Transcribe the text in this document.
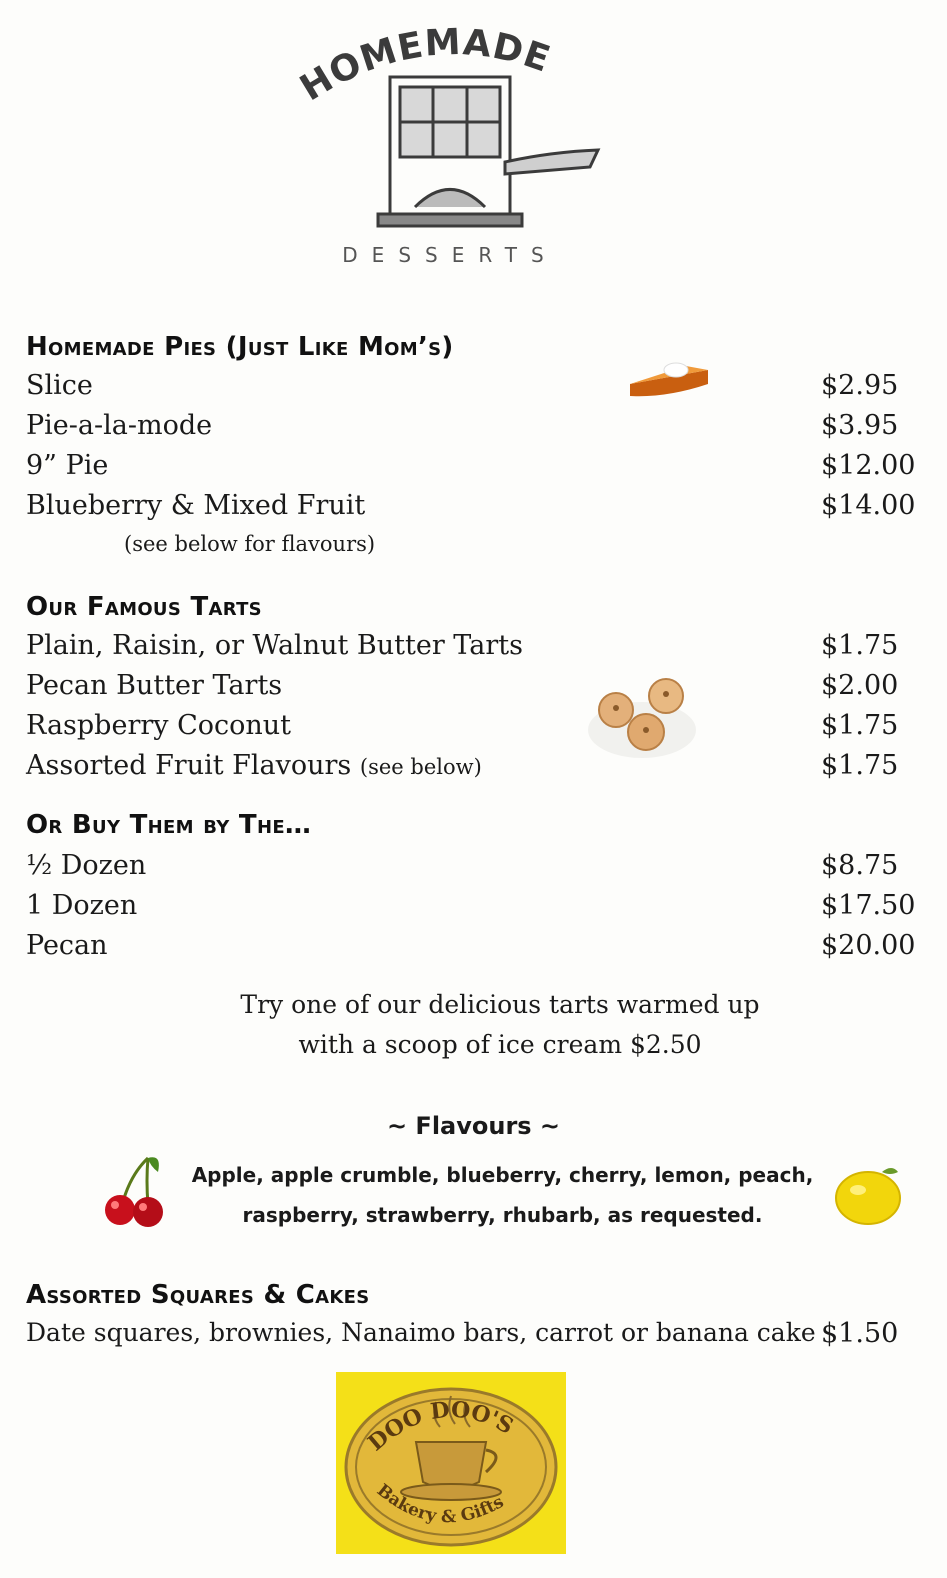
HOMEMADE
DESSERTS
Homemade Pies (Just Like Mom’s)
Slice	$2.95
Pie-a-la-mode	$3.95
9” Pie	$12.00
Blueberry & Mixed Fruit	$14.00
(see below for flavours)
Our Famous Tarts
Plain, Raisin, or Walnut Butter Tarts	$1.75
Pecan Butter Tarts	$2.00
Raspberry Coconut	$1.75
Assorted Fruit Flavours (see below)	$1.75
Or Buy Them by The…
½ Dozen	$8.75
1 Dozen	$17.50
Pecan	$20.00
Try one of our delicious tarts warmed up
with a scoop of ice cream $2.50
~ Flavours ~
Apple, apple crumble, blueberry, cherry, lemon, peach,
raspberry, strawberry, rhubarb, as requested.
Assorted Squares & Cakes
Date squares, brownies, Nanaimo bars, carrot or banana cake $1.50
DOO DOO'S
Bakery & Gifts
